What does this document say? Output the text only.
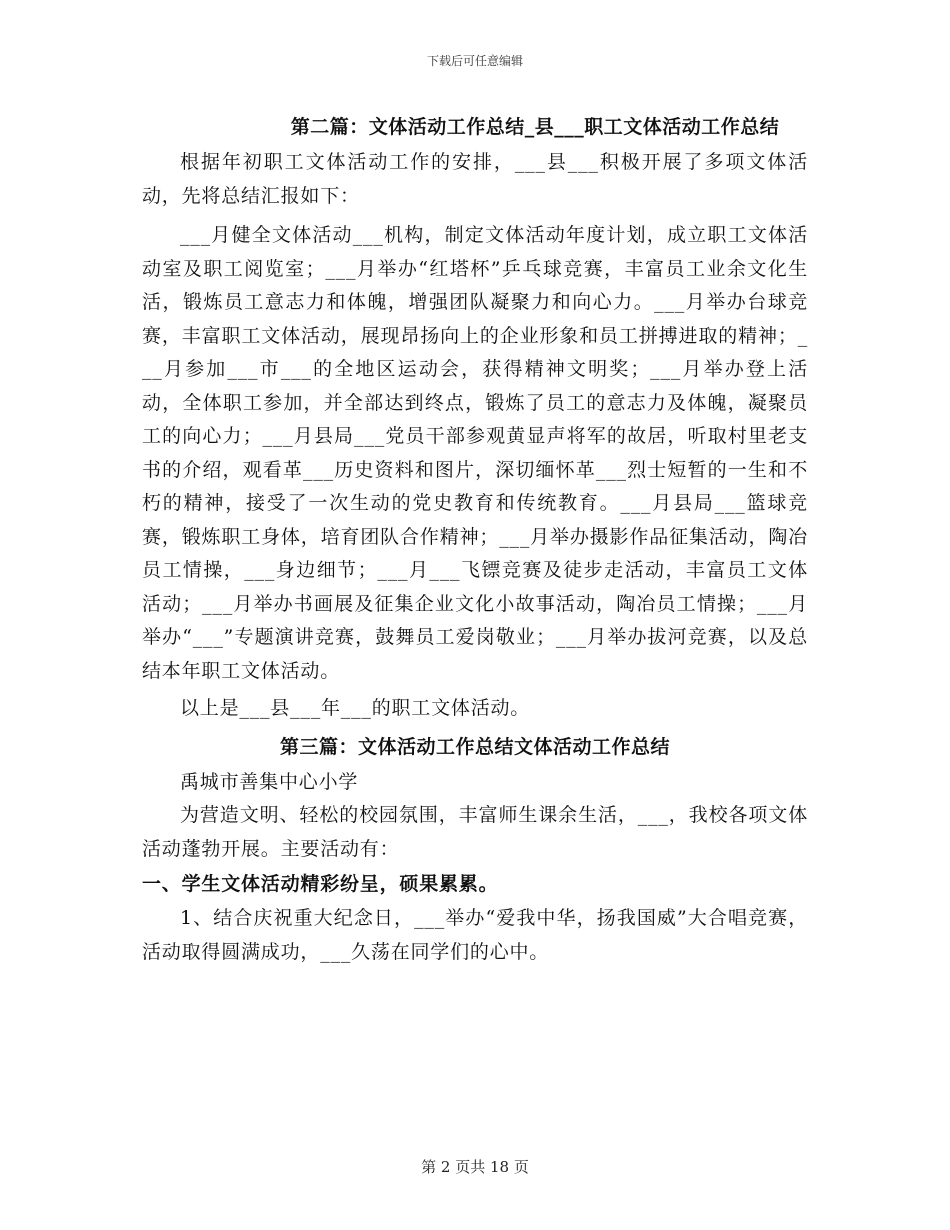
下载后可任意编辑
第二篇：文体活动工作总结_县___职工文体活动工作总结

根据年初职工文体活动工作的安排，___县___积极开展了多项文体活动，先将总结汇报如下：

___月健全文体活动___机构，制定文体活动年度计划，成立职工文体活动室及职工阅览室；___月举办“红塔杯”乒乓球竞赛，丰富员工业余文化生活，锻炼员工意志力和体魄，增强团队凝聚力和向心力。___月举办台球竞赛，丰富职工文体活动，展现昂扬向上的企业形象和员工拼搏进取的精神；___月参加___市___的全地区运动会，获得精神文明奖；___月举办登上活动，全体职工参加，并全部达到终点，锻炼了员工的意志力及体魄，凝聚员工的向心力；___月县局___党员干部参观黄显声将军的故居，听取村里老支书的介绍，观看革___历史资料和图片，深切缅怀革___烈士短暂的一生和不朽的精神，接受了一次生动的党史教育和传统教育。___月县局___篮球竞赛，锻炼职工身体，培育团队合作精神；___月举办摄影作品征集活动，陶冶员工情操，___身边细节；___月___飞镖竞赛及徒步走活动，丰富员工文体活动；___月举办书画展及征集企业文化小故事活动，陶冶员工情操；___月举办“___”专题演讲竞赛，鼓舞员工爱岗敬业；___月举办拔河竞赛，以及总结本年职工文体活动。

以上是___县___年___的职工文体活动。

第三篇：文体活动工作总结文体活动工作总结

禹城市善集中心小学

为营造文明、轻松的校园氛围，丰富师生课余生活，___，我校各项文体活动蓬勃开展。主要活动有：

一、学生文体活动精彩纷呈，硕果累累。

1、结合庆祝重大纪念日，___举办“爱我中华，扬我国威”大合唱竞赛，活动取得圆满成功，___久荡在同学们的心中。

第 2 页共 18 页
